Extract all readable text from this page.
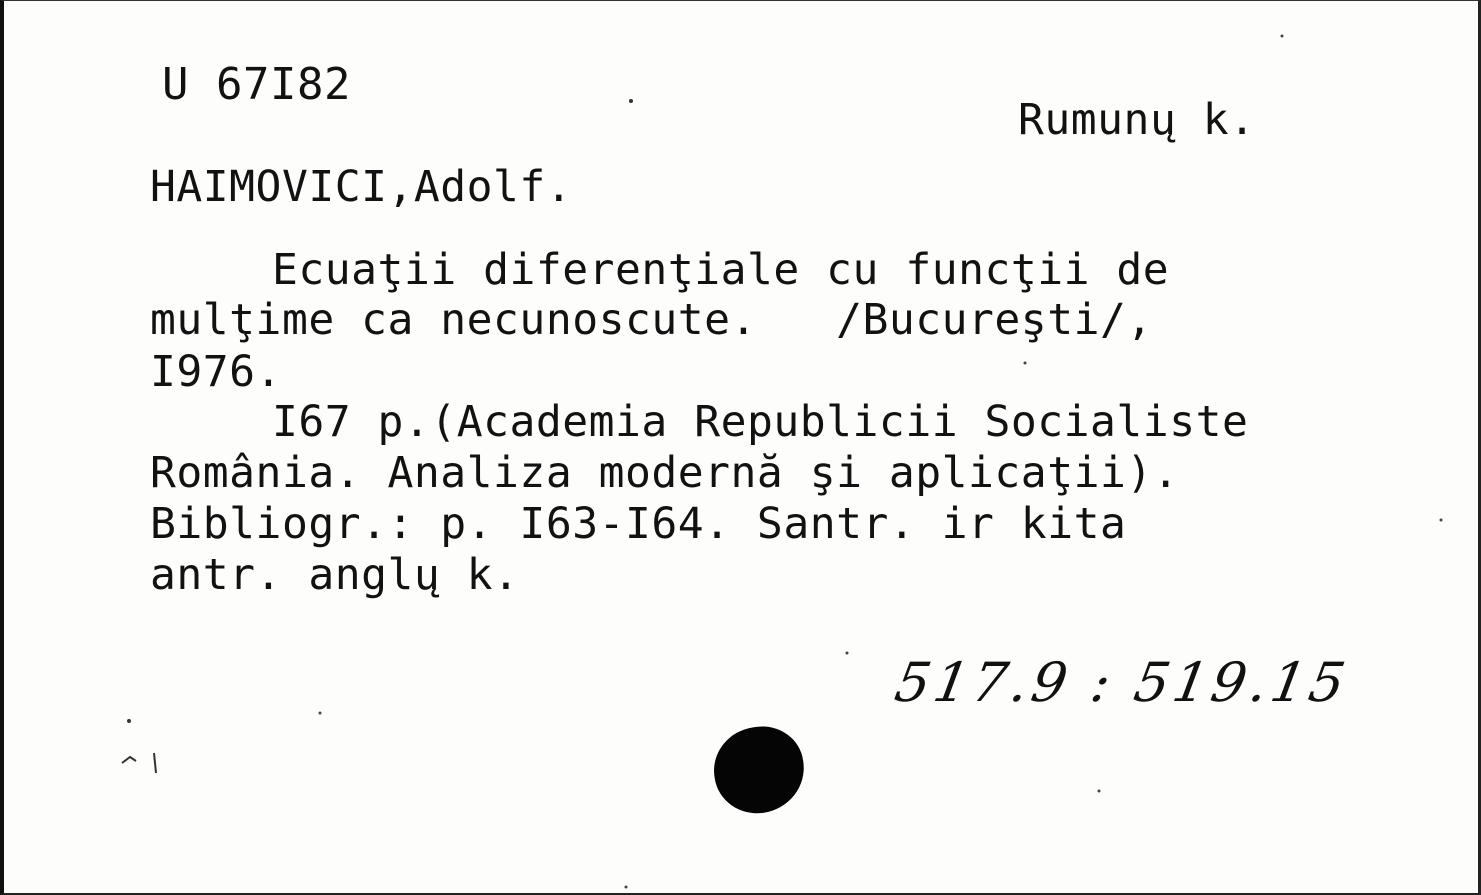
U 67I82
Rumunų k.
HAIMOVICI,Adolf.
Ecuaţii diferenţiale cu funcţii de
mulţime ca necunoscute.   /Bucureşti/,
I976.
I67 p.(Academia Republicii Socialiste
România. Analiza modernă şi aplicaţii).
Bibliogr.: p. I63-I64. Santr. ir kita
antr. anglų k.
517.9 : 519.15
